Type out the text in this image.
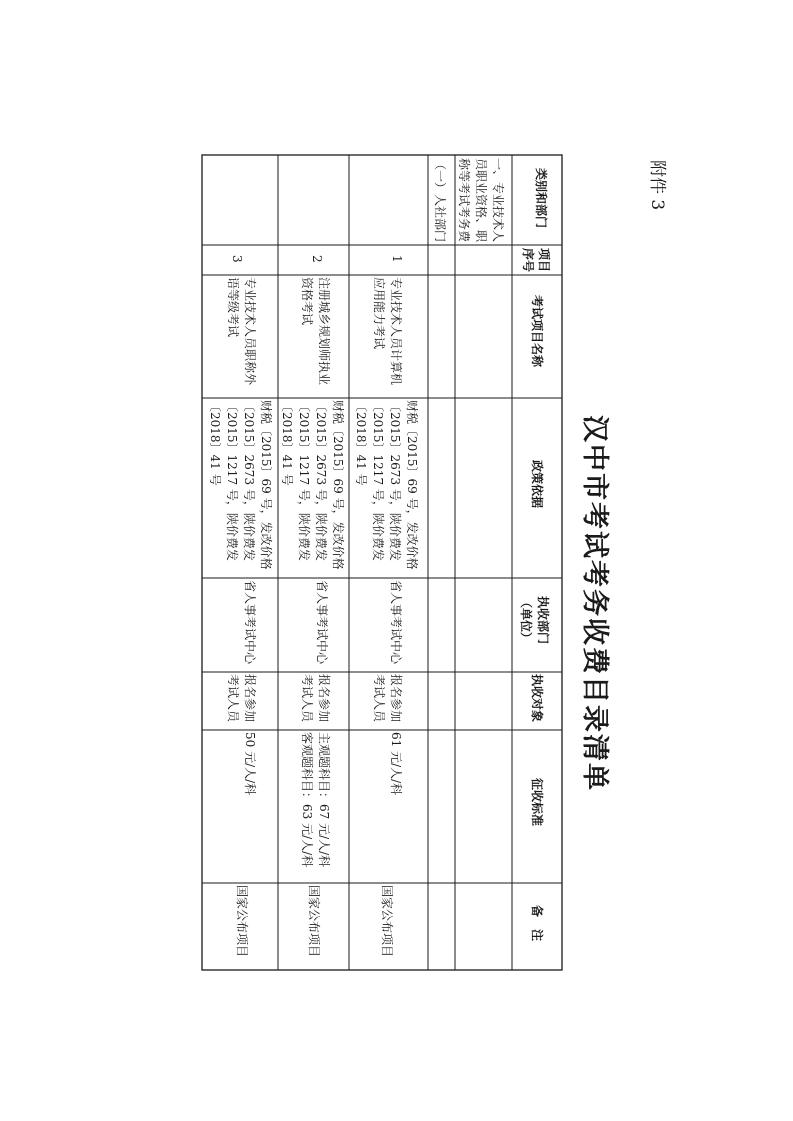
附件 3
汉中市考试考务收费目录清单
类别和部门
项目
序号
考试项目名称
政策依据
执收部门
（单位）
执收对象
征收标准
备　注
一、专业技术人
员职业资格、职
称等考试考务费
（一）人社部门
1
专业技术人员计算机
应用能力考试
财税〔2015〕69 号，发改价格
〔2015〕2673 号，陕价费发
〔2015〕1217 号，陕价费发
〔2018〕41 号
省人事考试中心
报名参加
考试人员
61 元/人/科
国家公布项目
2
注册城乡规划师执业
资格考试
财税〔2015〕69 号，发改价格
〔2015〕2673 号，陕价费发
〔2015〕1217 号，陕价费发
〔2018〕41 号
省人事考试中心
报名参加
考试人员
主观题科目：67 元/人/科
客观题科目：63 元/人/科
国家公布项目
3
专业技术人员职称外
语等级考试
财税〔2015〕69 号，发改价格
〔2015〕2673 号，陕价费发
〔2015〕1217 号，陕价费发
〔2018〕41 号
省人事考试中心
报名参加
考试人员
50 元/人/科
国家公布项目
